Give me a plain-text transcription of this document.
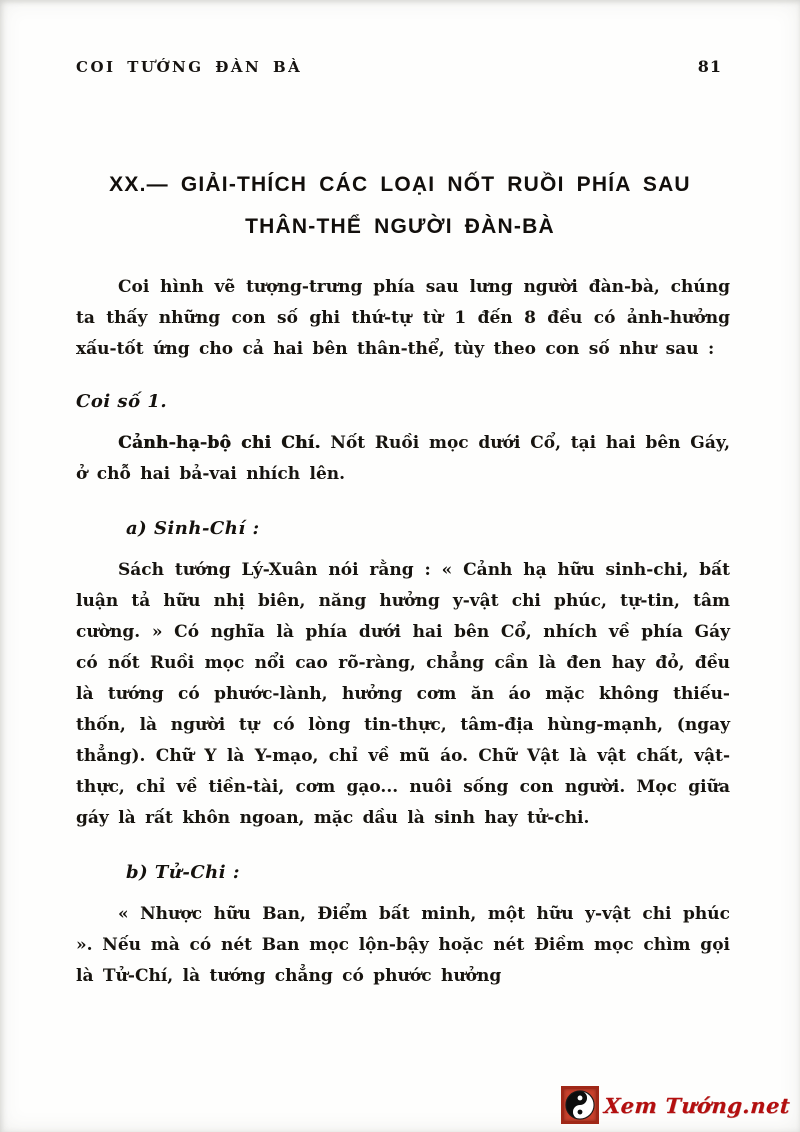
COI TƯỚNG ĐÀN BÀ	81
XX.— GIẢI-THÍCH CÁC LOẠI NỐT RUỒI PHÍA SAU
THÂN-THỂ NGƯỜI ĐÀN-BÀ

Coi hình vẽ tượng-trưng phía sau lưng người đàn-bà, chúng ta thấy những con số ghi thứ-tự từ 1 đến 8 đều có ảnh-hưởng xấu-tốt ứng cho cả hai bên thân-thể, tùy theo con số như sau :

Coi số 1.

Cảnh-hạ-bộ chi Chí. Nốt Ruồi mọc dưới Cổ, tại hai bên Gáy, ở chỗ hai bả-vai nhích lên.

a) Sinh-Chí :

Sách tướng Lý-Xuân nói rằng : « Cảnh hạ hữu sinh-chi, bất luận tả hữu nhị biên, năng hưởng y-vật chi phúc, tự-tin, tâm cường. » Có nghĩa là phía dưới hai bên Cổ, nhích về phía Gáy có nốt Ruồi mọc nổi cao rõ-ràng, chẳng cần là đen hay đỏ, đều là tướng có phước-lành, hưởng cơm ăn áo mặc không thiếu-thốn, là người tự có lòng tin-thực, tâm-địa hùng-mạnh, (ngay thẳng). Chữ Y là Y-mạo, chỉ về mũ áo. Chữ Vật là vật chất, vật-thực, chỉ về tiền-tài, cơm gạo... nuôi sống con người. Mọc giữa gáy là rất khôn ngoan, mặc dầu là sinh hay tử-chi.

b) Tử-Chi :

« Nhược hữu Ban, Điểm bất minh, một hữu y-vật chi phúc ». Nếu mà có nét Ban mọc lộn-bậy hoặc nét Điềm mọc chìm gọi là Tử-Chí, là tướng chẳng có phước hưởng

Xem Tướng.net
